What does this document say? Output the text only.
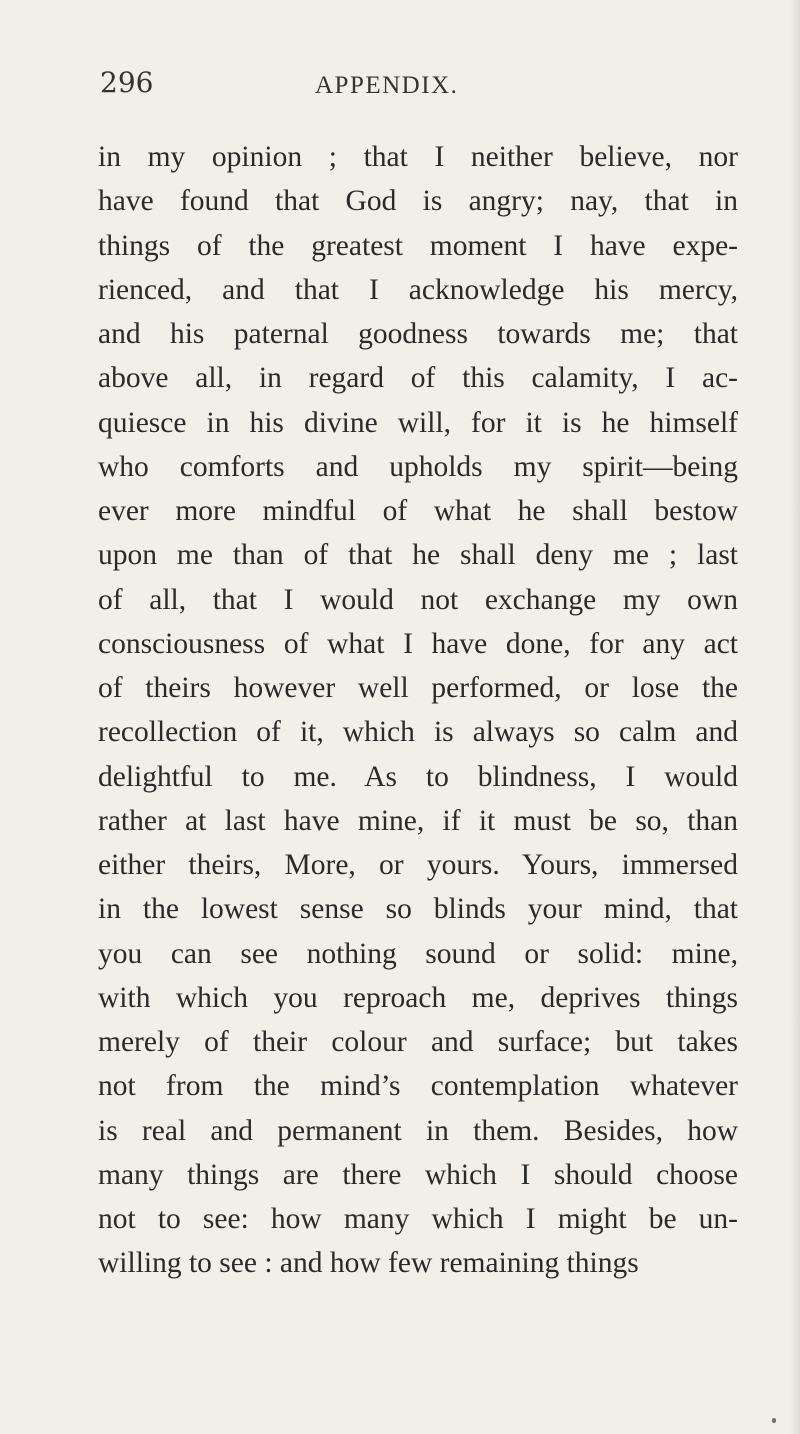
296	APPENDIX.
in my opinion ; that I neither believe, nor
have found that God is angry; nay, that in
things of the greatest moment I have expe-
rienced, and that I acknowledge his mercy,
and his paternal goodness towards me; that
above all, in regard of this calamity, I ac-
quiesce in his divine will, for it is he himself
who comforts and upholds my spirit—being
ever more mindful of what he shall bestow
upon me than of that he shall deny me ; last
of all, that I would not exchange my own
consciousness of what I have done, for any act
of theirs however well performed, or lose the
recollection of it, which is always so calm and
delightful to me. As to blindness, I would
rather at last have mine, if it must be so, than
either theirs, More, or yours. Yours, immersed
in the lowest sense so blinds your mind, that
you can see nothing sound or solid: mine,
with which you reproach me, deprives things
merely of their colour and surface; but takes
not from the mind’s contemplation whatever
is real and permanent in them. Besides, how
many things are there which I should choose
not to see: how many which I might be un-
willing to see : and how few remaining things
